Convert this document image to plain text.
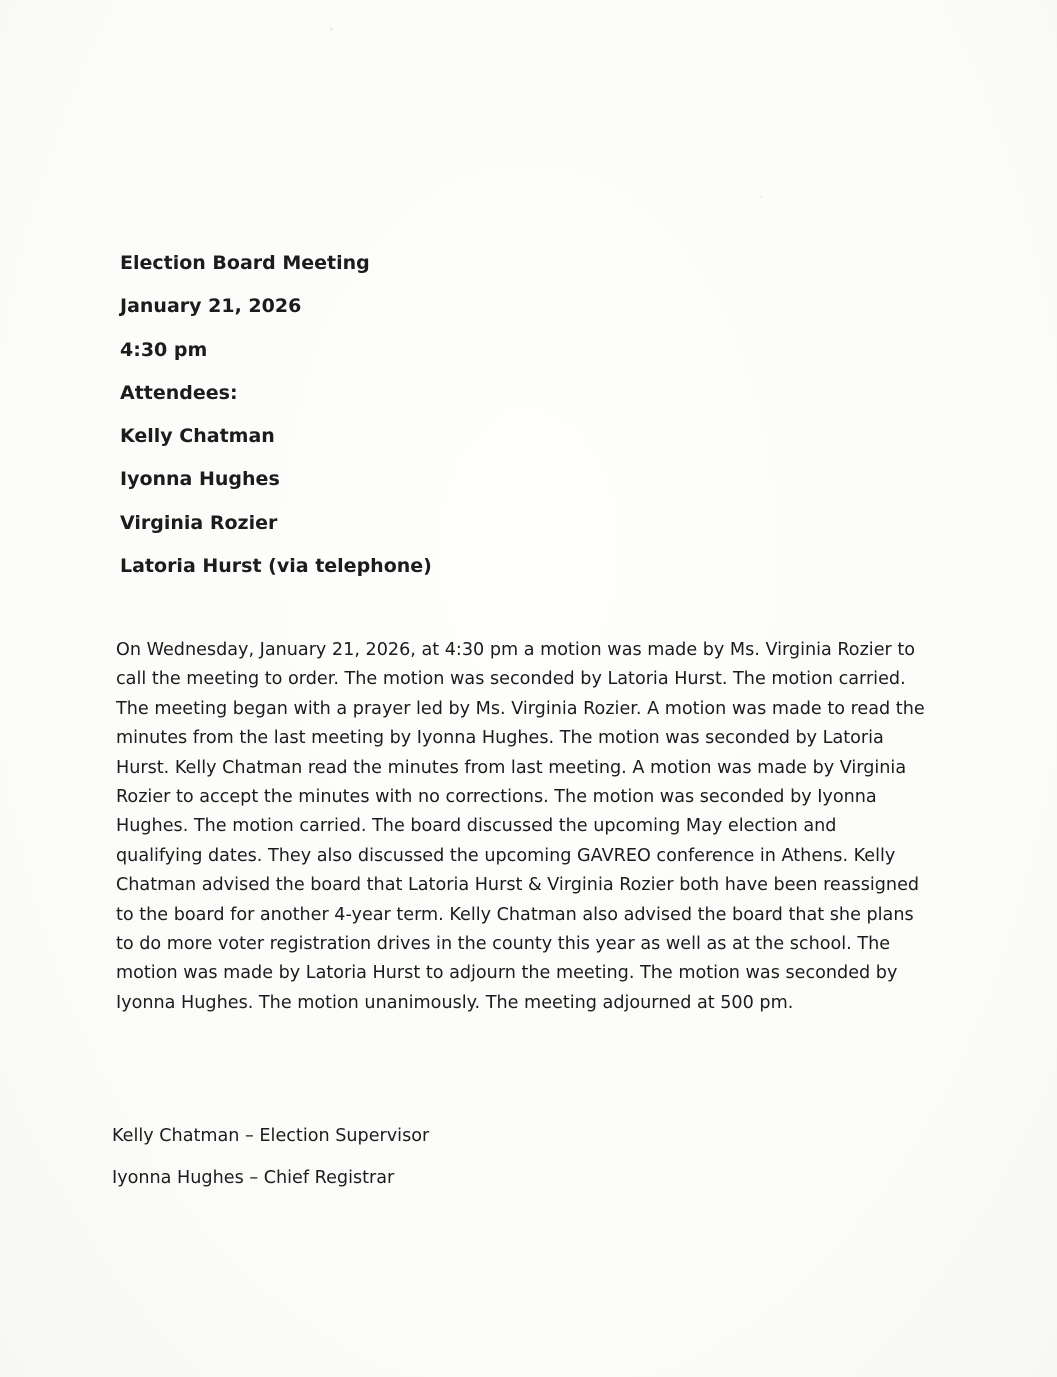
Election Board Meeting
January 21, 2026
4:30 pm
Attendees:
Kelly Chatman
Iyonna Hughes
Virginia Rozier
Latoria Hurst (via telephone)
On Wednesday, January 21, 2026, at 4:30 pm a motion was made by Ms. Virginia Rozier to
call the meeting to order. The motion was seconded by Latoria Hurst. The motion carried.
The meeting began with a prayer led by Ms. Virginia Rozier. A motion was made to read the
minutes from the last meeting by Iyonna Hughes. The motion was seconded by Latoria
Hurst. Kelly Chatman read the minutes from last meeting. A motion was made by Virginia
Rozier to accept the minutes with no corrections. The motion was seconded by Iyonna
Hughes. The motion carried. The board discussed the upcoming May election and
qualifying dates. They also discussed the upcoming GAVREO conference in Athens. Kelly
Chatman advised the board that Latoria Hurst & Virginia Rozier both have been reassigned
to the board for another 4-year term. Kelly Chatman also advised the board that she plans
to do more voter registration drives in the county this year as well as at the school. The
motion was made by Latoria Hurst to adjourn the meeting. The motion was seconded by
Iyonna Hughes. The motion unanimously. The meeting adjourned at 500 pm.
Kelly Chatman – Election Supervisor
Iyonna Hughes – Chief Registrar
